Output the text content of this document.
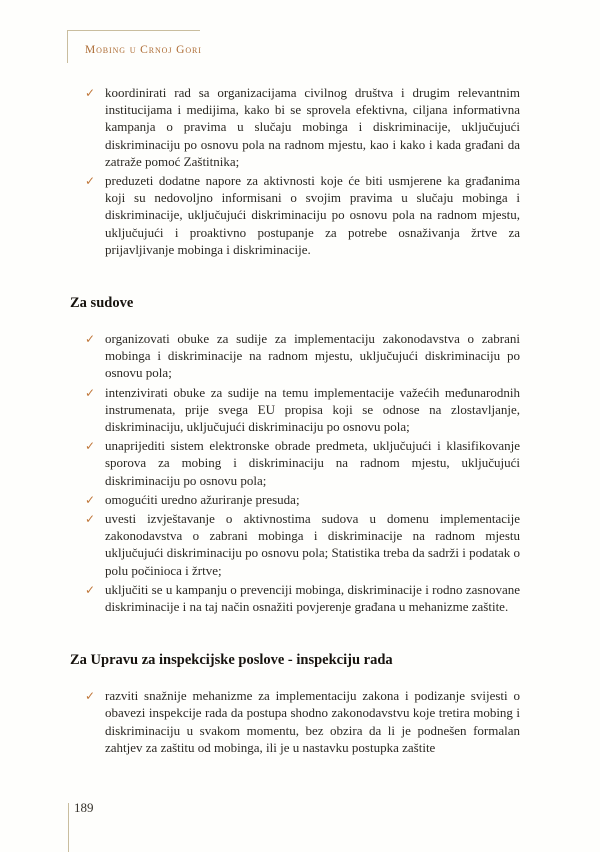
Mobing u Crnoj Gori
✓ koordinirati rad sa organizacijama civilnog društva i drugim relevantnim institucijama i medijima, kako bi se sprovela efektivna, ciljana informativna kampanja o pravima u slučaju mobinga i diskriminacije, uključujući diskriminaciju po osnovu pola na radnom mjestu, kao i kako i kada građani da zatraže pomoć Zaštitnika;
✓ preduzeti dodatne napore za aktivnosti koje će biti usmjerene ka građanima koji su nedovoljno informisani o svojim pravima u slučaju mobinga i diskriminacije, uključujući diskriminaciju po osnovu pola na radnom mjestu, uključujući i proaktivno postupanje za potrebe osnaživanja žrtve za prijavljivanje mobinga i diskriminacije.
Za sudove
✓ organizovati obuke za sudije za implementaciju zakonodavstva o zabrani mobinga i diskriminacije na radnom mjestu, uključujući diskriminaciju po osnovu pola;
✓ intenzivirati obuke za sudije na temu implementacije važećih međunarodnih instrumenata, prije svega EU propisa koji se odnose na zlostavljanje, diskriminaciju, uključujući diskriminaciju po osnovu pola;
✓ unaprijediti sistem elektronske obrade predmeta, uključujući i klasifikovanje sporova za mobing i diskriminaciju na radnom mjestu, uključujući diskriminaciju po osnovu pola;
✓ omogućiti uredno ažuriranje presuda;
✓ uvesti izvještavanje o aktivnostima sudova u domenu implementacije zakonodavstva o zabrani mobinga i diskriminacije na radnom mjestu uključujući diskriminaciju po osnovu pola; Statistika treba da sadrži i podatak o polu počinioca i žrtve;
✓ uključiti se u kampanju o prevenciji mobinga, diskriminacije i rodno zasnovane diskriminacije i na taj način osnažiti povjerenje građana u mehanizme zaštite.
Za Upravu za inspekcijske poslove - inspekciju rada
✓ razviti snažnije mehanizme za implementaciju zakona i podizanje svijesti o obavezi inspekcije rada da postupa shodno zakonodavstvu koje tretira mobing i diskriminaciju u svakom momentu, bez obzira da li je podnešen formalan zahtjev za zaštitu od mobinga, ili je u nastavku postupka zaštite
189
